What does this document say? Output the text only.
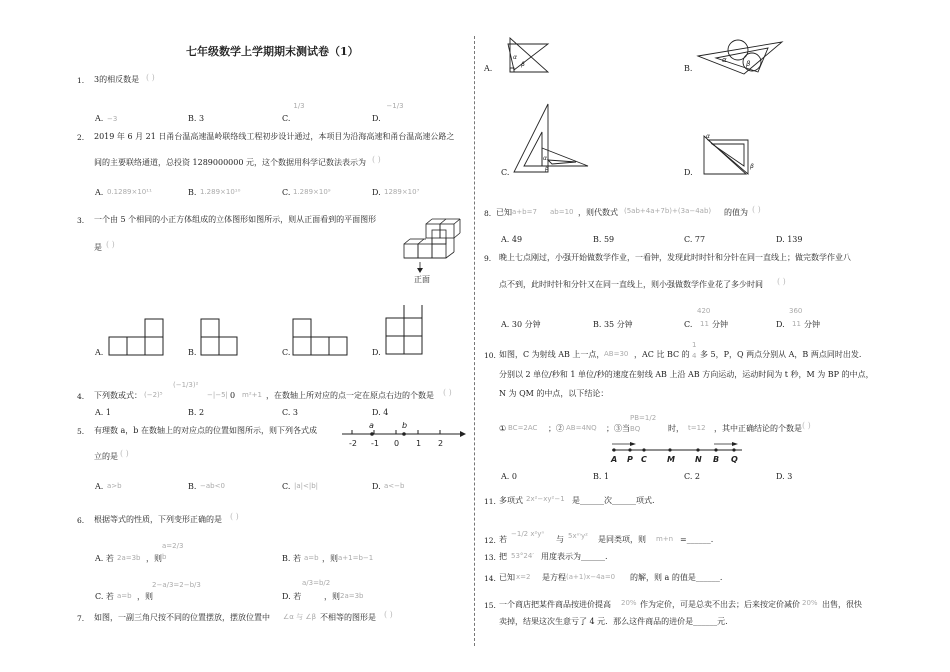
七年级数学上学期期末测试卷（1）
1. 3的相反数是 ( )
A. −3	B. 3	C.
1/3
D.
−1/3
2. 2019 年 6 月 21 日甬台温高速温岭联络线工程初步设计通过，本项目为沿海高速和甬台温高速公路之
间的主要联络通道，总投资 1289000000 元，这个数据用科学记数法表示为 ( )
A. 0.1289×10¹¹	B. 1.289×10¹⁰	C. 1.289×10⁹	D. 1289×10⁷
3. 一个由 5 个相同的小正方体组成的立体图形如图所示，则从正面看到的平面图形
是 ( )
正面
A.	B.	C.	D.
4. 下列数或式： (−2)⁵
(−1/3)²
−|−5| 0 m²+1 ，在数轴上所对应的点一定在原点右边的个数是 ( )
A. 1	B. 2	C. 3	D. 4
5. 有理数 a，b 在数轴上的对应点的位置如图所示，则下列各式成
立的是 ( )
-2 -1 0 1 2
a	b
A. a>b	B. −ab<0	C. |a|<|b|	D. a<−b
6. 根据等式的性质，下列变形正确的是 ( )
A. 若 2a=3b ，则
a=2/3 b	B. 若 a=b ，则 a+1=b−1
C. 若 a=b ，则
2−a/3=2−b/3
D. 若
a/3=b/2
，则 2a=3b
7. 如图，一副三角尺按不同的位置摆放，摆放位置中 ∠α 与 ∠β 不相等的图形是 ( )
A.
α
β	B.
α	β
C.
α
β	D.
α
β
8. 已知 a+b=7 ab=10 ，则代数式 (5ab+4a+7b)+(3a−4ab) 的值为 ( )
A. 49	B. 59	C. 77	D. 139
9. 晚上七点刚过，小强开始做数学作业，一看钟，发现此时时针和分针在同一直线上；做完数学作业八
点不到，此时时针和分针又在同一直线上，则小强做数学作业花了多少时间 ( )
A. 30 分钟	B. 35 分钟	C.
420
11 分钟	D.
360
11 分钟
10. 如图，C 为射线 AB 上一点， AB=30 ，AC 比 BC 的
1
4 多 5，P，Q 两点分别从 A，B 两点同时出发.
分别以 2 单位/秒和 1 单位/秒的速度在射线 AB 上沿 AB 方向运动，运动时间为 t 秒，M 为 BP 的中点，
N 为 QM 的中点，以下结论：
① BC=2AC ；② AB=4NQ ；③当
PB=1/2 BQ	时， t=12 ，其中正确结论的个数是 ( )
A P C	M	N B Q
A. 0	B. 1	C. 2	D. 3
11. 多项式 2x²−xy²−1 是______次______项式.
12. 若
−1/2 x²yⁿ
与 5xᵐy² 是同类项，则 m+n =______.
13. 把 53°24′ 用度表示为______.
14. 已知 x=2 是方程 (a+1)x−4a=0 的解，则 a 的值是______.
15. 一个商店把某件商品按进价提高 20% 作为定价，可是总卖不出去；后来按定价减价 20% 出售，很快
卖掉，结果这次生意亏了 4 元．那么这件商品的进价是______元.
